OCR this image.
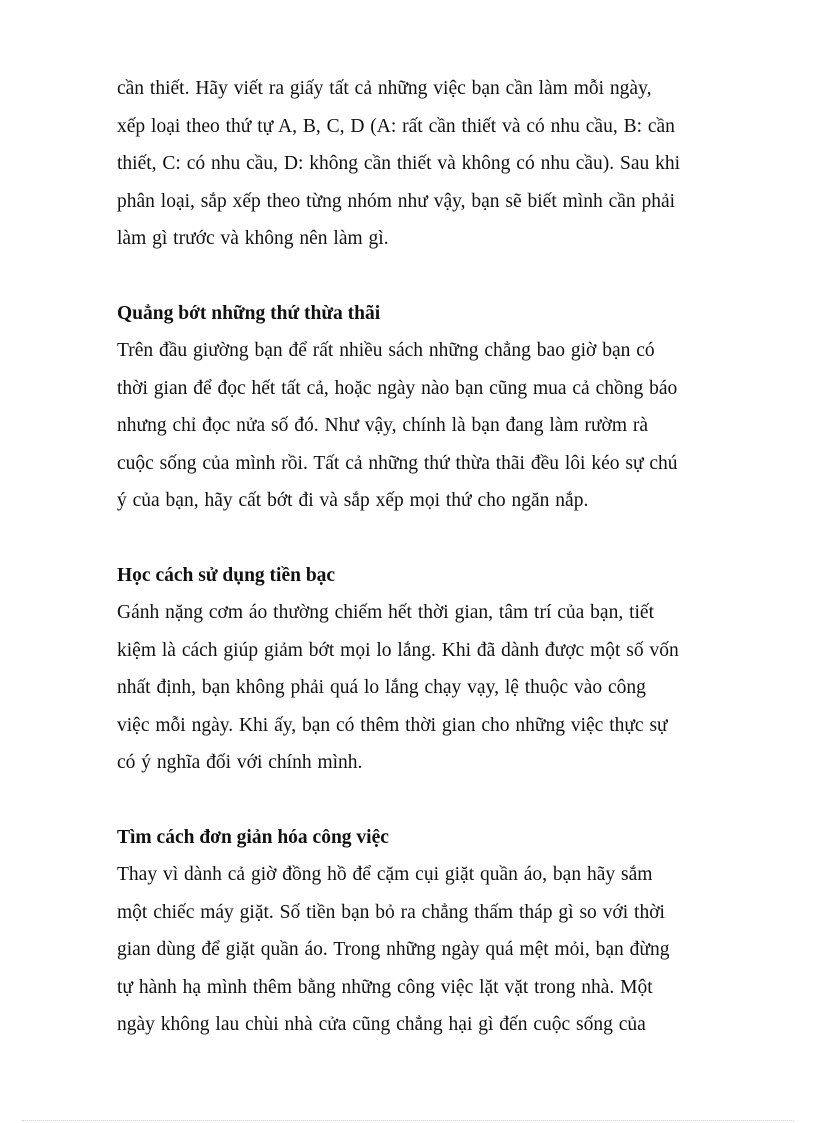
cần thiết. Hãy viết ra giấy tất cả những việc bạn cần làm mỗi ngày,
xếp loại theo thứ tự A, B, C, D (A: rất cần thiết và có nhu cầu, B: cần
thiết, C: có nhu cầu, D: không cần thiết và không có nhu cầu). Sau khi
phân loại, sắp xếp theo từng nhóm như vậy, bạn sẽ biết mình cần phải
làm gì trước và không nên làm gì.

Quẳng bớt những thứ thừa thãi

Trên đầu giường bạn để rất nhiều sách những chẳng bao giờ bạn có
thời gian để đọc hết tất cả, hoặc ngày nào bạn cũng mua cả chồng báo
nhưng chỉ đọc nửa số đó. Như vậy, chính là bạn đang làm rườm rà
cuộc sống của mình rồi. Tất cả những thứ thừa thãi đều lôi kéo sự chú
ý của bạn, hãy cất bớt đi và sắp xếp mọi thứ cho ngăn nắp.

Học cách sử dụng tiền bạc

Gánh nặng cơm áo thường chiếm hết thời gian, tâm trí của bạn, tiết
kiệm là cách giúp giảm bớt mọi lo lắng. Khi đã dành được một số vốn
nhất định, bạn không phải quá lo lắng chạy vạy, lệ thuộc vào công
việc mỗi ngày. Khi ấy, bạn có thêm thời gian cho những việc thực sự
có ý nghĩa đối với chính mình.

Tìm cách đơn giản hóa công việc

Thay vì dành cả giờ đồng hồ để cặm cụi giặt quần áo, bạn hãy sắm
một chiếc máy giặt. Số tiền bạn bỏ ra chẳng thấm tháp gì so với thời
gian dùng để giặt quần áo. Trong những ngày quá mệt mỏi, bạn đừng
tự hành hạ mình thêm bằng những công việc lặt vặt trong nhà. Một
ngày không lau chùi nhà cửa cũng chẳng hại gì đến cuộc sống của
